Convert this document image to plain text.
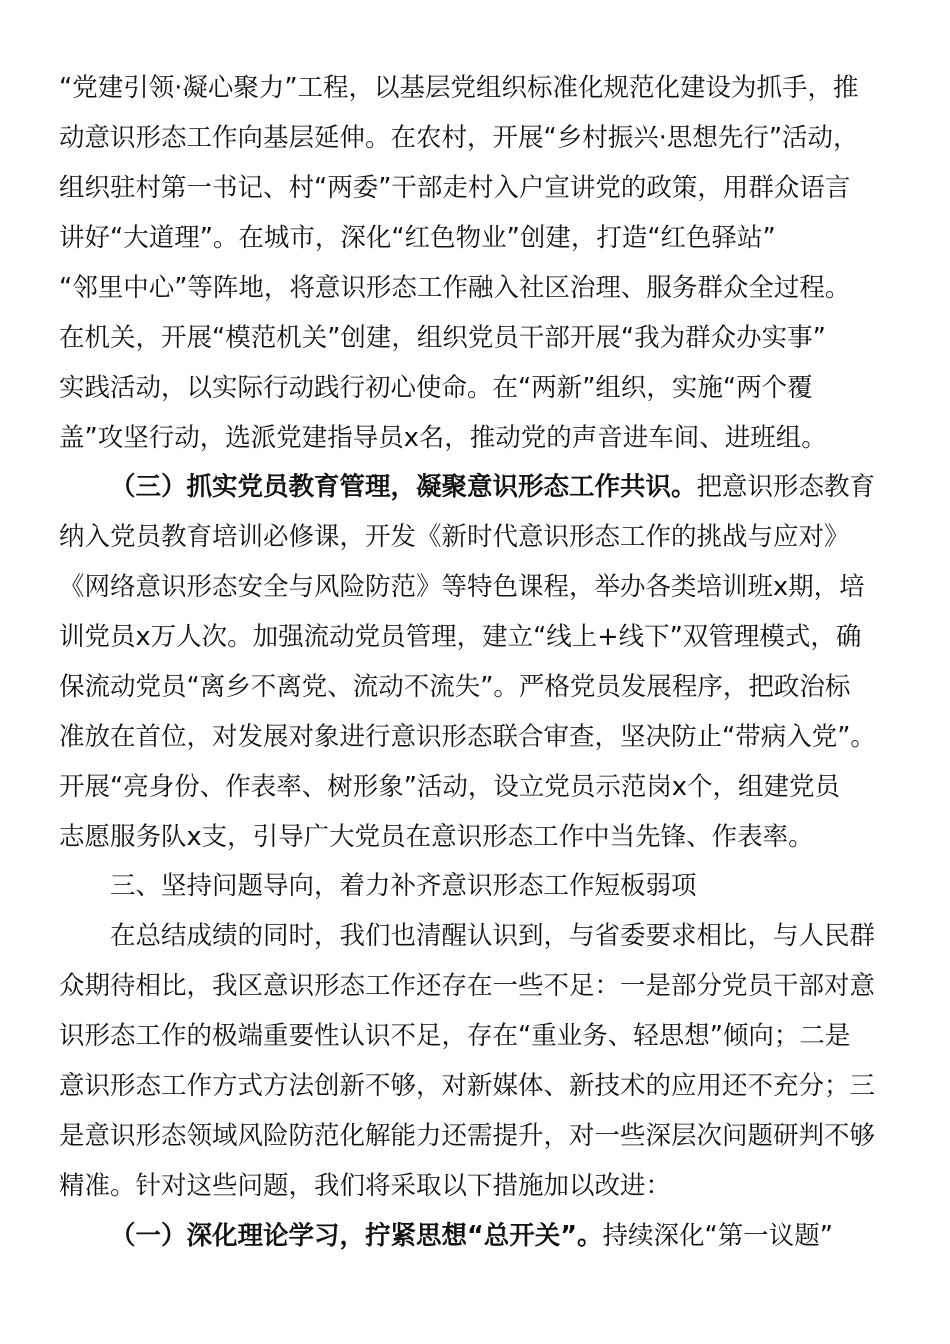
“党建引领·凝心聚力”工程，以基层党组织标准化规范化建设为抓手，推
动意识形态工作向基层延伸。在农村，开展“乡村振兴·思想先行”活动，
组织驻村第一书记、村“两委”干部走村入户宣讲党的政策，用群众语言
讲好“大道理”。在城市，深化“红色物业”创建，打造“红色驿站”
“邻里中心”等阵地，将意识形态工作融入社区治理、服务群众全过程。
在机关，开展“模范机关”创建，组织党员干部开展“我为群众办实事”
实践活动，以实际行动践行初心使命。在“两新”组织，实施“两个覆
盖”攻坚行动，选派党建指导员x名，推动党的声音进车间、进班组。
（三）抓实党员教育管理，凝聚意识形态工作共识。把意识形态教育
纳入党员教育培训必修课，开发《新时代意识形态工作的挑战与应对》
《网络意识形态安全与风险防范》等特色课程，举办各类培训班x期，培
训党员x万人次。加强流动党员管理，建立“线上+线下”双管理模式，确
保流动党员“离乡不离党、流动不流失”。严格党员发展程序，把政治标
准放在首位，对发展对象进行意识形态联合审查，坚决防止“带病入党”。
开展“亮身份、作表率、树形象”活动，设立党员示范岗x个，组建党员
志愿服务队x支，引导广大党员在意识形态工作中当先锋、作表率。
三、坚持问题导向，着力补齐意识形态工作短板弱项
在总结成绩的同时，我们也清醒认识到，与省委要求相比，与人民群
众期待相比，我区意识形态工作还存在一些不足：一是部分党员干部对意
识形态工作的极端重要性认识不足，存在“重业务、轻思想”倾向；二是
意识形态工作方式方法创新不够，对新媒体、新技术的应用还不充分；三
是意识形态领域风险防范化解能力还需提升，对一些深层次问题研判不够
精准。针对这些问题，我们将采取以下措施加以改进：
（一）深化理论学习，拧紧思想“总开关”。持续深化“第一议题”
